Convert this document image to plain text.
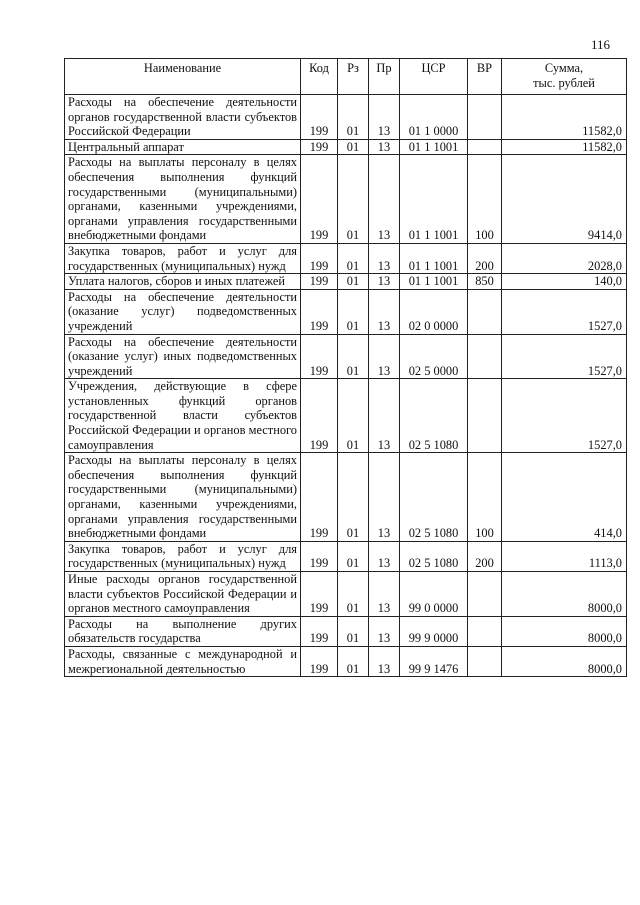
116
Наименование	Код	Рз	Пр	ЦСР	ВР	Сумма,
тыс. рублей
Расходы на обеспечение деятельности органов государственной власти субъектов Российской Федерации	199	01	13	01 1 0000		11582,0
Центральный аппарат	199	01	13	01 1 1001		11582,0
Расходы на выплаты персоналу в целях обеспечения выполнения функций государственными (муниципальными) органами, казенными учреждениями, органами управления государственными внебюджетными фондами	199	01	13	01 1 1001	100	9414,0
Закупка товаров, работ и услуг для государственных (муниципальных) нужд	199	01	13	01 1 1001	200	2028,0
Уплата налогов, сборов и иных платежей	199	01	13	01 1 1001	850	140,0
Расходы на обеспечение деятельности (оказание услуг) подведомственных учреждений	199	01	13	02 0 0000		1527,0
Расходы на обеспечение деятельности (оказание услуг) иных подведомственных учреждений	199	01	13	02 5 0000		1527,0
Учреждения, действующие в сфере установленных функций органов государственной власти субъектов Российской Федерации и органов местного самоуправления	199	01	13	02 5 1080		1527,0
Расходы на выплаты персоналу в целях обеспечения выполнения функций государственными (муниципальными) органами, казенными учреждениями, органами управления государственными внебюджетными фондами	199	01	13	02 5 1080	100	414,0
Закупка товаров, работ и услуг для государственных (муниципальных) нужд	199	01	13	02 5 1080	200	1113,0
Иные расходы органов государственной власти субъектов Российской Федерации и органов местного самоуправления	199	01	13	99 0 0000		8000,0
Расходы на выполнение других обязательств государства	199	01	13	99 9 0000		8000,0
Расходы, связанные с международной и межрегиональной деятельностью	199	01	13	99 9 1476		8000,0
